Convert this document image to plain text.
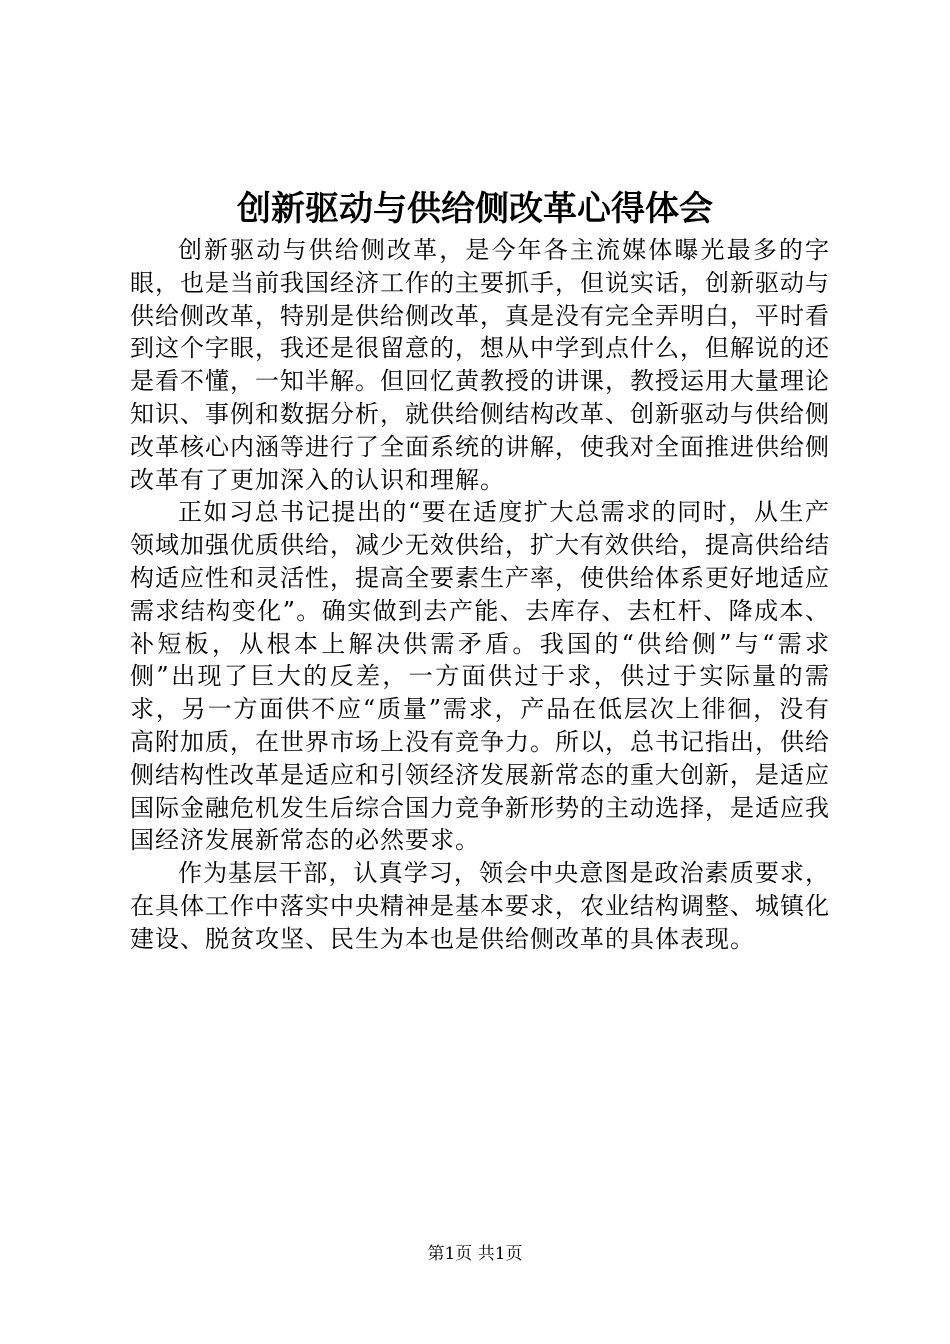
创新驱动与供给侧改革心得体会

创新驱动与供给侧改革，是今年各主流媒体曝光最多的字眼，也是当前我国经济工作的主要抓手，但说实话，创新驱动与供给侧改革，特别是供给侧改革，真是没有完全弄明白，平时看到这个字眼，我还是很留意的，想从中学到点什么，但解说的还是看不懂，一知半解。但回忆黄教授的讲课，教授运用大量理论知识、事例和数据分析，就供给侧结构改革、创新驱动与供给侧改革核心内涵等进行了全面系统的讲解，使我对全面推进供给侧改革有了更加深入的认识和理解。

正如习总书记提出的“要在适度扩大总需求的同时，从生产领域加强优质供给，减少无效供给，扩大有效供给，提高供给结构适应性和灵活性，提高全要素生产率，使供给体系更好地适应需求结构变化”。确实做到去产能、去库存、去杠杆、降成本、补短板，从根本上解决供需矛盾。我国的“供给侧”与“需求侧”出现了巨大的反差，一方面供过于求，供过于实际量的需求，另一方面供不应“质量”需求，产品在低层次上徘徊，没有高附加质，在世界市场上没有竞争力。所以，总书记指出，供给侧结构性改革是适应和引领经济发展新常态的重大创新，是适应国际金融危机发生后综合国力竞争新形势的主动选择，是适应我国经济发展新常态的必然要求。

作为基层干部，认真学习，领会中央意图是政治素质要求，在具体工作中落实中央精神是基本要求，农业结构调整、城镇化建设、脱贫攻坚、民生为本也是供给侧改革的具体表现。

第1页 共1页
